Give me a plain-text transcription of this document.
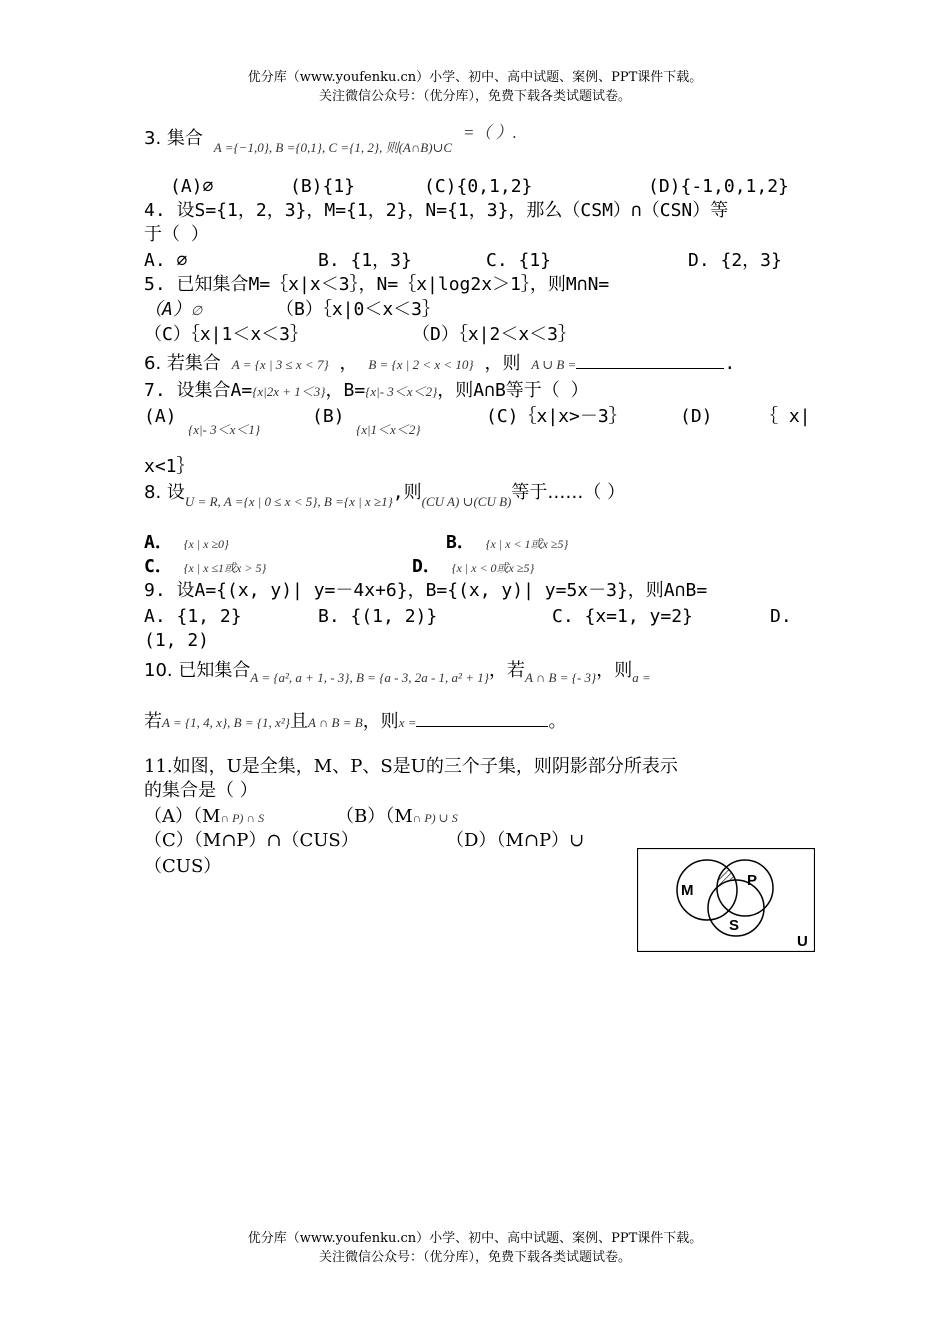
优分库（www.youfenku.cn）小学、初中、高中试题、案例、PPT课件下载。
关注微信公众号：（优分库），免费下载各类试题试卷。
3. 集合 $_{A =\{-1,0\}, B =\{0,1\}, C =\{1, 2\}, 则(A\cap B)\cup C}$ =（ ）.
(A)∅	(B){1}	(C){0,1,2}	(D){-1,0,1,2}
4. 设S={1，2，3}，M={1，2}，N={1，3}，那么（CSM）∩（CSN）等
于（ ）
A. ∅	B. {1，3}	C. {1}	D. {2，3}
5. 已知集合M=｛x|x＜3｝，N=｛x|log2x＞1｝，则M∩N=
（A）∅	（B）｛x|0＜x＜3｝
（C）｛x|1＜x＜3｝	（D）｛x|2＜x＜3｝
6. 若集合 A = {x | 3 ≤ x < 7} ， B = {x | 2 < x < 10} ，则 A ∪ B =	.
7. 设集合A={x|2x + 1＜3}，B={x|- 3＜x＜2}，则A∩B等于（ ）
(A)
{x|- 3＜x＜1}
(B)
{x|1＜x＜2}
(C)｛x|x>－3｝	(D)	｛ x|
x<1｝
8. 设$_{U = R, A =\{x | 0 \le x < 5\}, B =\{x | x \ge 1\}}$,则$_{(CU A) \cup(CU B)}$等于……（ ）
A． {x | x ≥0}	B． {x | x < 1或x ≥5}
C． {x | x ≤1或x > 5}	D． {x | x < 0或x ≥5}
9. 设A={(x, y)| y=－4x+6}，B={(x, y)| y=5x－3}，则A∩B=
A. {1, 2}	B. {(1, 2)}	C. {x=1, y=2}	D.
(1, 2)
10. 已知集合$_{A = \{a^2, a + 1, - 3\}, B = \{a - 3, 2a - 1, a^2 + 1\}}$，若$_{A \cap B = \{- 3\}}$，则$_{a =}$
若A = {1, 4, x}, B = {1, x²}且A ∩ B = B，则x =	。
11.如图，U是全集，M、P、S是U的三个子集，则阴影部分所表示
的集合是（ ）
（A）（M∩ P) ∩ S	（B）（M∩ P) ∪ S
（C）（M∩P）∩（CUS）	（D）（M∩P）∪
（CUS）
M
P
S
U
优分库（www.youfenku.cn）小学、初中、高中试题、案例、PPT课件下载。
关注微信公众号：（优分库），免费下载各类试题试卷。
